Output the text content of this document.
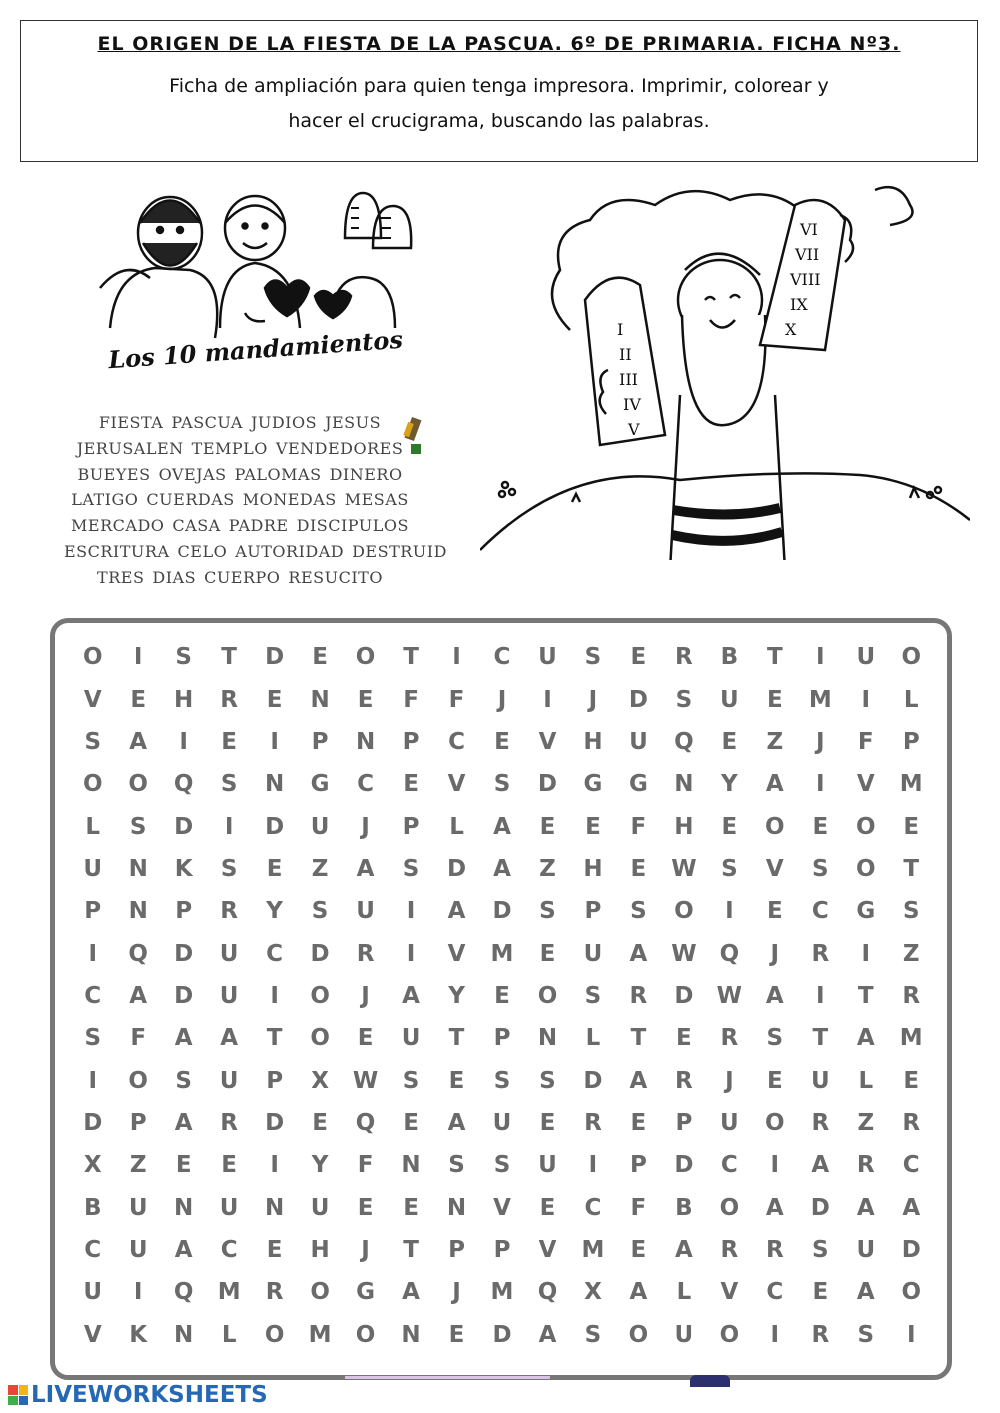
EL ORIGEN DE LA FIESTA DE LA PASCUA. 6º DE PRIMARIA. FICHA Nº3.
Ficha de ampliación para quien tenga impresora. Imprimir, colorear y
hacer el crucigrama, buscando las palabras.
Los 10 mandamientos	I
II
III
IV
V
VI
VII
VIII
IX
X
FIESTA PASCUA JUDIOS JESUS
JERUSALEN TEMPLO VENDEDORES
BUEYES OVEJAS PALOMAS DINERO
LATIGO CUERDAS MONEDAS MESAS
MERCADO CASA PADRE DISCIPULOS
ESCRITURA CELO AUTORIDAD DESTRUID
TRES DIAS CUERPO RESUCITO
O	I	S	T	D	E	O	T	I	C	U	S	E	R	B	T	I	U	O
V	E	H	R	E	N	E	F	F	J	I	J	D	S	U	E	M	I	L
S	A	I	E	I	P	N	P	C	E	V	H	U	Q	E	Z	J	F	P
O	O	Q	S	N	G	C	E	V	S	D	G	G	N	Y	A	I	V	M
L	S	D	I	D	U	J	P	L	A	E	E	F	H	E	O	E	O	E
U	N	K	S	E	Z	A	S	D	A	Z	H	E	W	S	V	S	O	T
P	N	P	R	Y	S	U	I	A	D	S	P	S	O	I	E	C	G	S
I	Q	D	U	C	D	R	I	V	M	E	U	A	W	Q	J	R	I	Z
C	A	D	U	I	O	J	A	Y	E	O	S	R	D	W	A	I	T	R
S	F	A	A	T	O	E	U	T	P	N	L	T	E	R	S	T	A	M
I	O	S	U	P	X	W	S	E	S	S	D	A	R	J	E	U	L	E
D	P	A	R	D	E	Q	E	A	U	E	R	E	P	U	O	R	Z	R
X	Z	E	E	I	Y	F	N	S	S	U	I	P	D	C	I	A	R	C
B	U	N	U	N	U	E	E	N	V	E	C	F	B	O	A	D	A	A
C	U	A	C	E	H	J	T	P	P	V	M	E	A	R	R	S	U	D
U	I	Q	M	R	O	G	A	J	M	Q	X	A	L	V	C	E	A	O
V	K	N	L	O	M	O	N	E	D	A	S	O	U	O	I	R	S	I
LIVEWORKSHEETS
